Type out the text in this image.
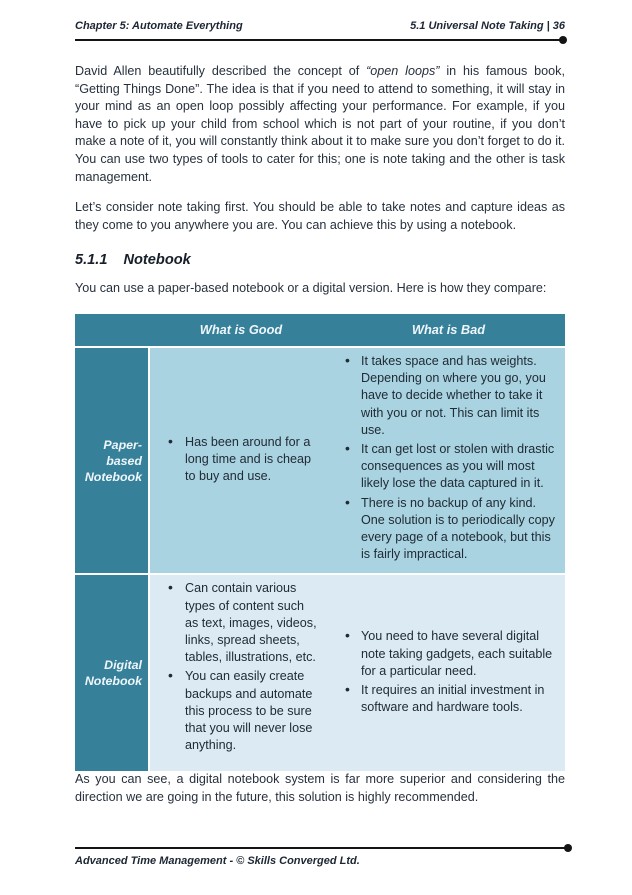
Chapter 5: Automate Everything	5.1 Universal Note Taking | 36

David Allen beautifully described the concept of “open loops” in his famous book, “Getting Things Done”. The idea is that if you need to attend to something, it will stay in your mind as an open loop possibly affecting your performance. For example, if you have to pick up your child from school which is not part of your routine, if you don’t make a note of it, you will constantly think about it to make sure you don’t forget to do it. You can use two types of tools to cater for this; one is note taking and the other is task management.

Let’s consider note taking first. You should be able to take notes and capture ideas as they come to you anywhere you are. You can achieve this by using a notebook.

5.1.1 Notebook

You can use a paper-based notebook or a digital version. Here is how they compare:

What is Good	What is Bad
Paper-based Notebook
• Has been around for a long time and is cheap to buy and use.
• It takes space and has weights. Depending on where you go, you have to decide whether to take it with you or not. This can limit its use.
• It can get lost or stolen with drastic consequences as you will most likely lose the data captured in it.
• There is no backup of any kind. One solution is to periodically copy every page of a notebook, but this is fairly impractical.
Digital Notebook
• Can contain various types of content such as text, images, videos, links, spread sheets, tables, illustrations, etc.
• You can easily create backups and automate this process to be sure that you will never lose anything.
• You need to have several digital note taking gadgets, each suitable for a particular need.
• It requires an initial investment in software and hardware tools.

As you can see, a digital notebook system is far more superior and considering the direction we are going in the future, this solution is highly recommended.

Advanced Time Management - © Skills Converged Ltd.
